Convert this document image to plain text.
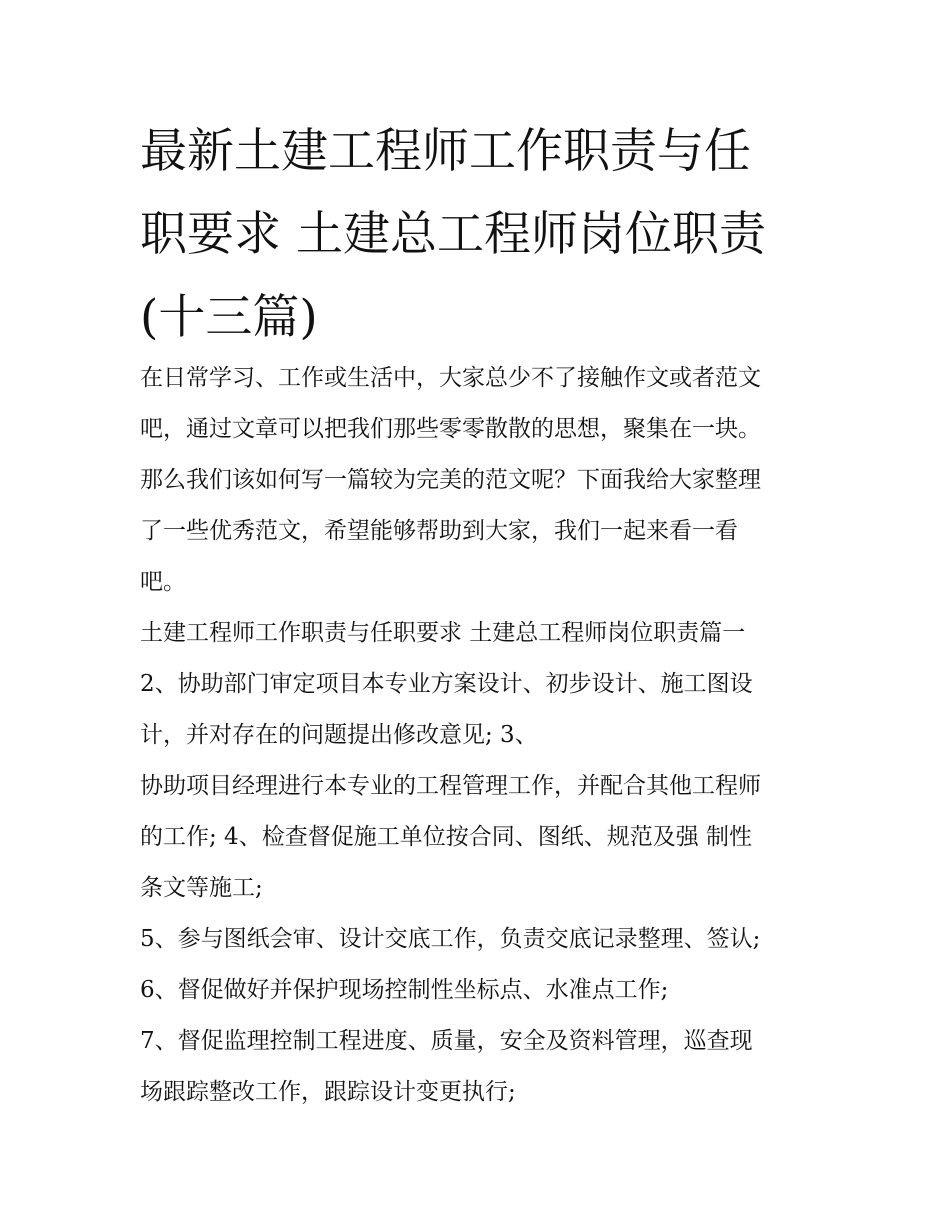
最新土建工程师工作职责与任
职要求 土建总工程师岗位职责
(十三篇)
在日常学习、工作或生活中，大家总少不了接触作文或者范文
吧，通过文章可以把我们那些零零散散的思想，聚集在一块。
那么我们该如何写一篇较为完美的范文呢？下面我给大家整理
了一些优秀范文，希望能够帮助到大家，我们一起来看一看
吧。
土建工程师工作职责与任职要求 土建总工程师岗位职责篇一
2、协助部门审定项目本专业方案设计、初步设计、施工图设
计，并对存在的问题提出修改意见; 3、
协助项目经理进行本专业的工程管理工作，并配合其他工程师
的工作; 4、检查督促施工单位按合同、图纸、规范及强 制性
条文等施工;
5、参与图纸会审、设计交底工作，负责交底记录整理、签认;
6、督促做好并保护现场控制性坐标点、水准点工作;
7、督促监理控制工程进度、质量，安全及资料管理，巡查现
场跟踪整改工作，跟踪设计变更执行;
